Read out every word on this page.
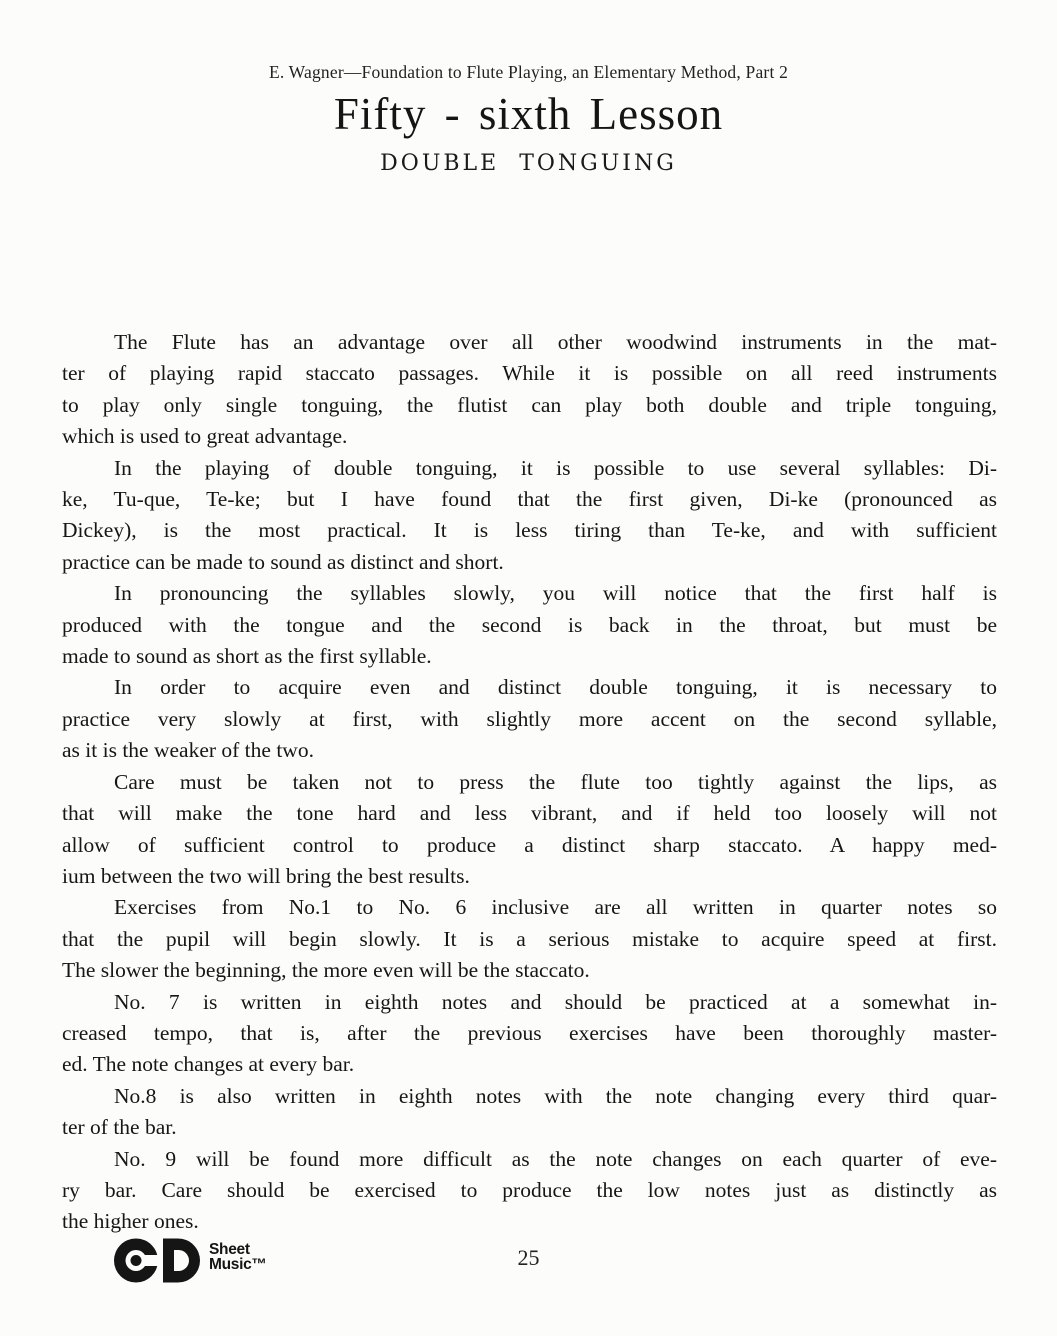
E. Wagner—Foundation to Flute Playing, an Elementary Method, Part 2
Fifty - sixth Lesson
DOUBLE TONGUING
The Flute has an advantage over all other woodwind instruments in the mat-
ter of playing rapid staccato passages. While it is possible on all reed instruments
to play only single tonguing, the flutist can play both double and triple tonguing,
which is used to great advantage.
In the playing of double tonguing, it is possible to use several syllables: Di-
ke, Tu-que, Te-ke; but I have found that the first given, Di-ke (pronounced as
Dickey), is the most practical. It is less tiring than Te-ke, and with sufficient
practice can be made to sound as distinct and short.
In pronouncing the syllables slowly, you will notice that the first half is
produced with the tongue and the second is back in the throat, but must be
made to sound as short as the first syllable.
In order to acquire even and distinct double tonguing, it is necessary to
practice very slowly at first, with slightly more accent on the second syllable,
as it is the weaker of the two.
Care must be taken not to press the flute too tightly against the lips, as
that will make the tone hard and less vibrant, and if held too loosely will not
allow of sufficient control to produce a distinct sharp staccato. A happy med-
ium between the two will bring the best results.
Exercises from No.1 to No. 6 inclusive are all written in quarter notes so
that the pupil will begin slowly. It is a serious mistake to acquire speed at first.
The slower the beginning, the more even will be the staccato.
No. 7 is written in eighth notes and should be practiced at a somewhat in-
creased tempo, that is, after the previous exercises have been thoroughly master-
ed. The note changes at every bar.
No.8 is also written in eighth notes with the note changing every third quar-
ter of the bar.
No. 9 will be found more difficult as the note changes on each quarter of eve-
ry bar. Care should be exercised to produce the low notes just as distinctly as
the higher ones.
Sheet
Music™	25
